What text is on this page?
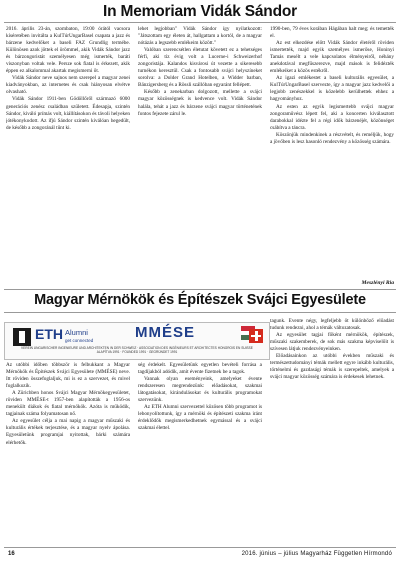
In Memoriam Vidák Sándor

2016. április 23-án, szombaton, 19:00 órától vacsora kíséretében invitálta a KulTúrUngarBasel csapata a jazz és bárzene kedvelőket a baseli FAZ Grundlig termébe. Különösen azok jöttek el örömmel, akik Vidák Sándor jazz és bárzongoristát személyesen még ismerték, baráti viszonyban voltak vele. Persze sok fiatal is érkezett, akik éppen ez alkalommal akartak megismerni őt.

Vidák Sándor neve sajnos nem szerepel a magyar zenei kiadványokban, az internetes és csak hiányosan elvétve olvasható.

Vidák Sándor 1911-ben Gödöllőről származó 6000 generációs zenész családban született. Édesapja, szintén Sándor, kiváló prímás volt, kiállításokon és távoli helyeken jótékonykodott. Az ifjú Sándor szintén kiválóan hegedült, de később a zongoránál tűnt ki.

lehet legjobban" Vidák Sándor így nyilatkozott: "Játszottam egy életen át, hallgattam a kortól, de a magyar nótázás a legszebb emlékeim között."

Valóban szerencsétlen életutat követett ez a tehetséges férfi, aki tíz évig volt a Lucerne-i Schweizerhof zongoristája. Kalandos kisvárosi út vezette a sikeresebb turnékon keresztül. Csak a fontosabb svájci helyszíneket sorolva: a Dolder Grand Hotelben, a Widder barban, Bänzigersberg és a Rössli szállóban egyaránt fellépett.

Később a zenekarban dolgozott, mellette a svájci magyar közösségnek is kedvence volt. Vidák Sándor halála, tehát a jazz és bárzene svájci magyar történetének fontos fejezete zárul le.

1990-ben, 79 éves korában Hágában halt meg; és temették el.

Az est elkezdése előtt Vidák Sándor életéről röviden ismertették, majd egyik személyes ismerőse, Honinyi Tamás mesélt a vele kapcsolatos élményeiről, néhány anekdotával megfűszerezve, majd mások is felidézték emlékeiket a közös estékről.

Az igazi emlékestet a baseli kulturális egyesület, a KulTúrUngarBasel szervezte, így a magyar jazz kedvelői a legjobb zenészekkel is közelebb kerülhettek ehhez a hagyományhoz.

Az esten az egyik legismertebb svájci magyar zongoraművész lépett fel, aki a koncerten kiválasztott darabokkal idézte fel a régi idők bárzenéjét, közönséget csábítva a táncra.

Köszönjük mindenkinek a részvételt, és reméljük, hogy a jövőben is lesz hasonló rendezvény a közösség számára.

Meszlényi Ria
Magyar Mérnökök és Építészek Svájci Egyesülete
ETH Alumni
get connected	MMÉSE
VEREIN UNGARISCHER INGENIEURE UND ARCHITEKTEN IN DER SCHWEIZ · ASSOCIATION DES INGÉNIEURS ET ARCHITECTES HONGROIS EN SUISSE
ALAPÍTVA 1991 · FOUNDED 1991 · GEGRÜNDET 1991

Az utóbbi időben többször is felbukkant a Magyar Mérnökök és Építészek Svájci Egyesülete (MMÉSE) neve. Itt röviden összefoglaljuk, mi is ez a szervezet, és mivel foglalkozik.

A Zürichben honos Svájci Magyar Mérnökegyesületet, röviden MMÉSE-t 1957-ben alapították a 1956-os menekült diákok és fiatal mérnökök. Azóta is működik, tagjainak száma folyamatosan nő.

Az egyesület célja a mai napig a magyar műszaki és kulturális értékek terjesztése, és a magyar nyelv ápolása. Egyesületünk programjai nyitottak, bárki számára elérhetők.

ség érdekelt. Egyesületünk egyetlen bevételi forrása a tagdíjakból adódik, amit évente fizetnek be a tagok.

Vannak olyan eseményeink, amelyeket évente rendszeresen megrendezünk: előadásokat, szakmai látogatásokat, kirándulásokat és kulturális programokat szervezünk.

Az ETH Alumni szervezettel közösen több programot is lebonyolítottunk, így a mérnöki és építészeti szakma iránt érdeklődők megismerkedhetnek egymással és a svájci szakmai élettel.

tagunk. Évente négy, legfeljebb öt különböző előadást tudunk rendezni, ahol a témák változatosak.

Az egyesület tagjai főként mérnökök, építészek, műszaki szakemberek, de sok más szakma képviselőit is szívesen látjuk rendezvényeinken.

Előadásainkon az utóbbi években műszaki és természettudományi témák mellett egyre inkább kulturális, történelmi és gazdasági témák is szerepeltek, amelyek a svájci magyar közösség számára is érdekesek lehetnek.

16	2016. június – július Magyarház Független Hírmondó
